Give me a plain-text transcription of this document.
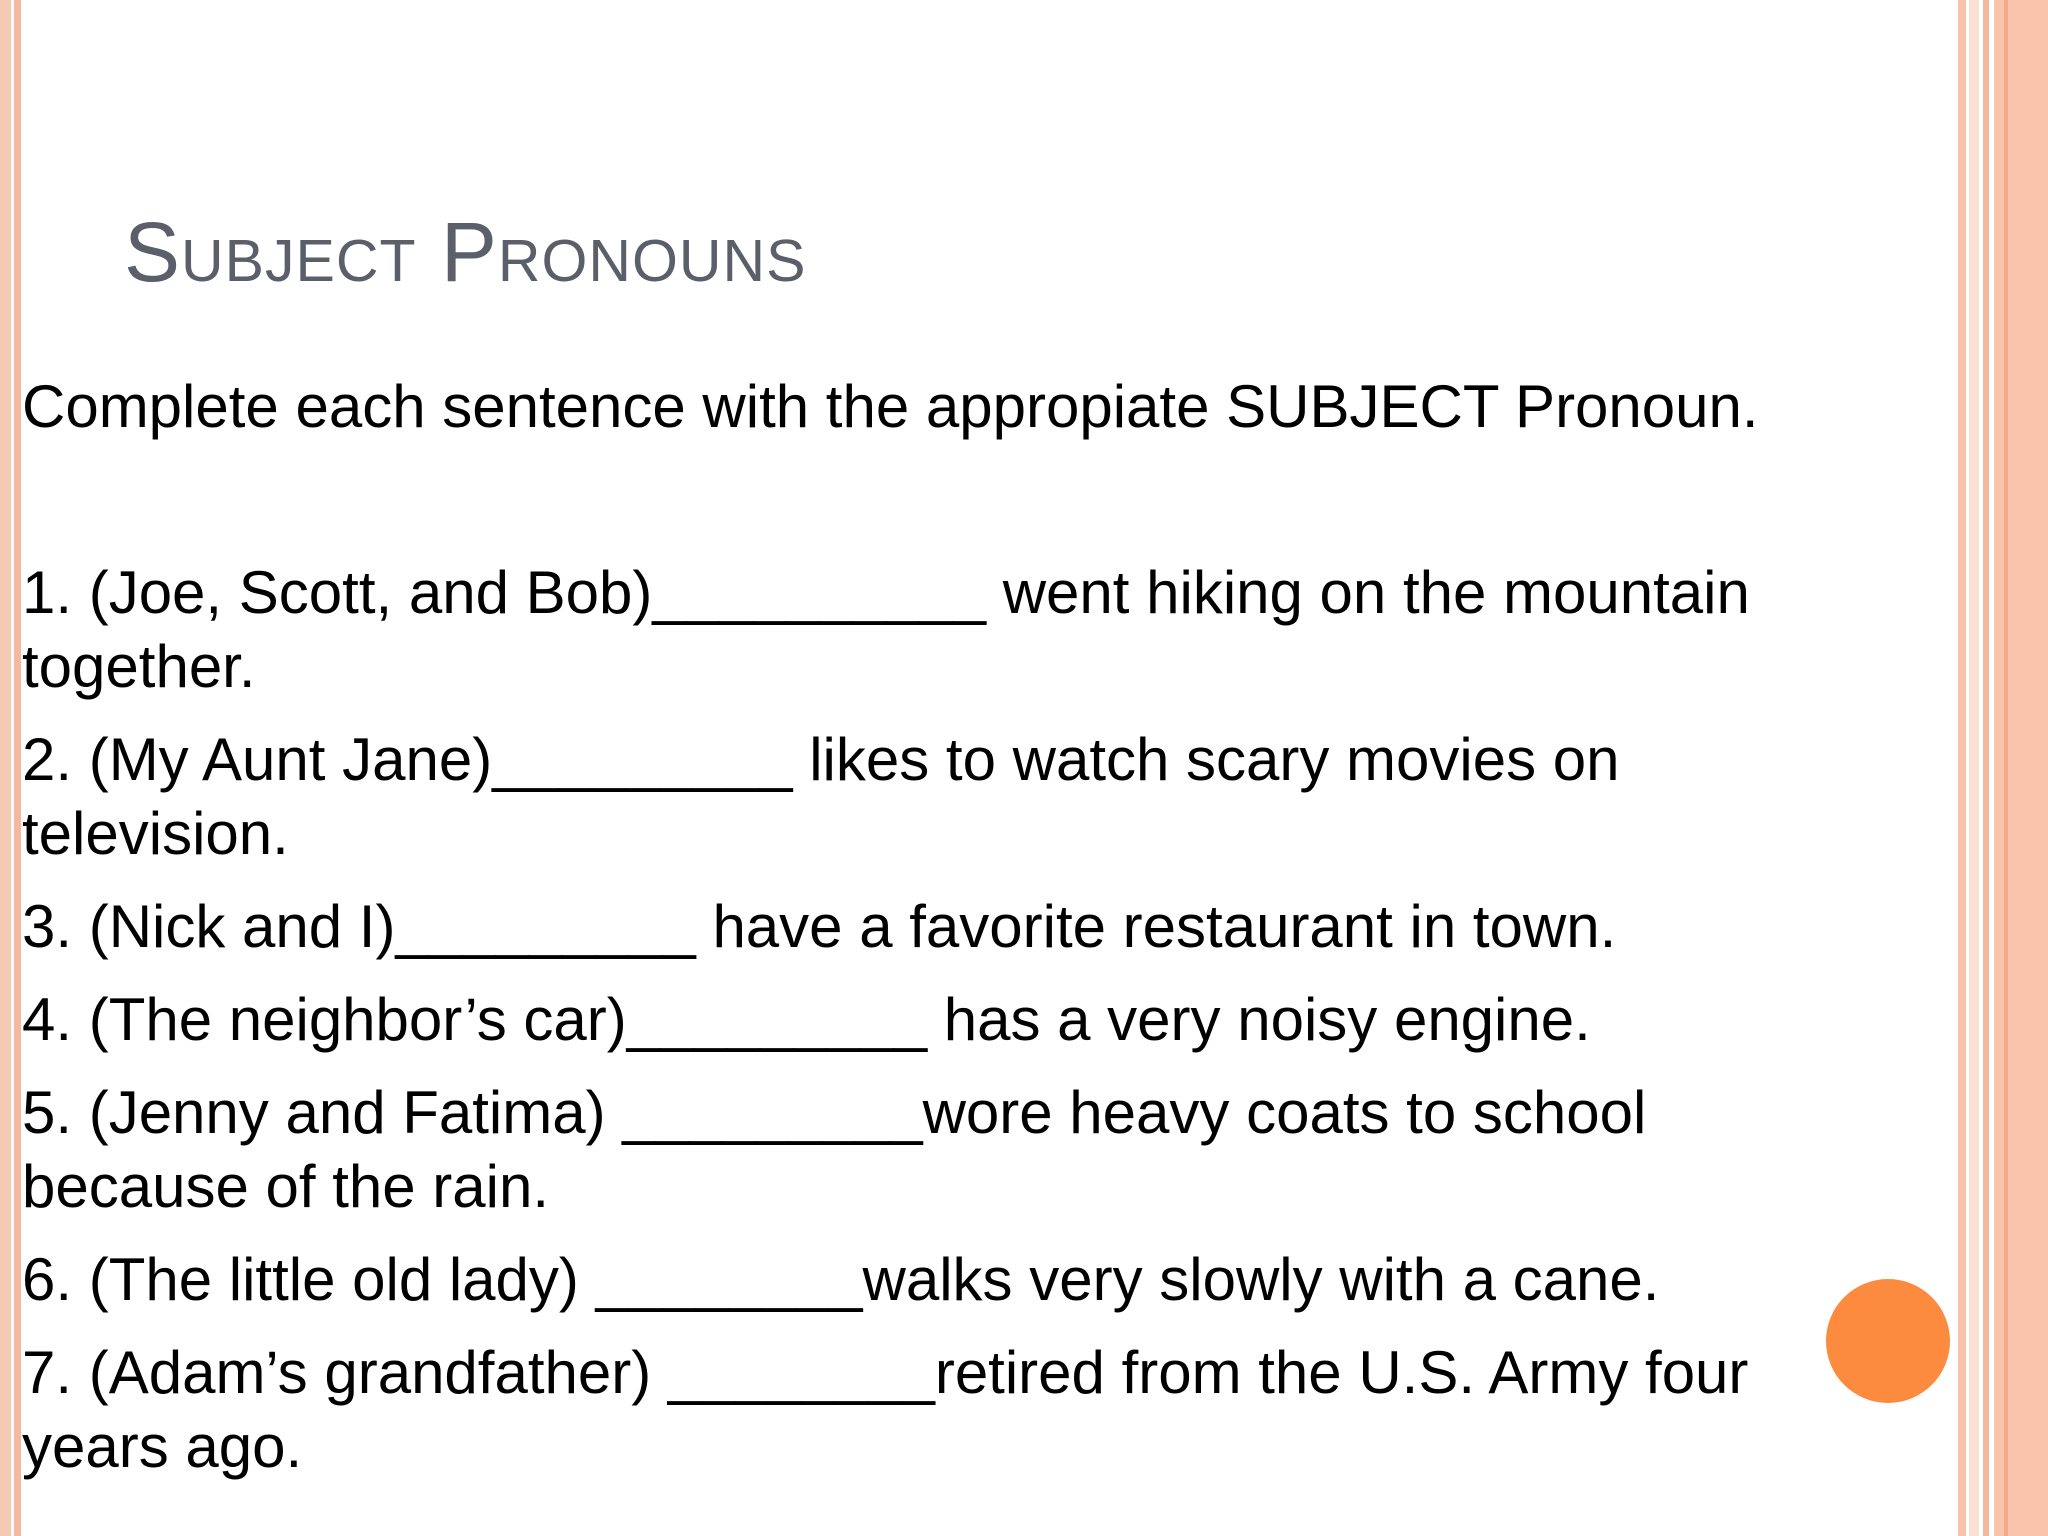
Subject Pronouns

Complete each sentence with the appropiate SUBJECT Pronoun.

1. (Joe, Scott, and Bob)__________ went hiking on the mountain
together.
2. (My Aunt Jane)_________ likes to watch scary movies on
television.
3. (Nick and I)_________ have a favorite restaurant in town.
4. (The neighbor’s car)_________ has a very noisy engine.
5. (Jenny and Fatima) _________wore heavy coats to school
because of the rain.
6. (The little old lady) ________walks very slowly with a cane.
7. (Adam’s grandfather) ________retired from the U.S. Army four
years ago.
